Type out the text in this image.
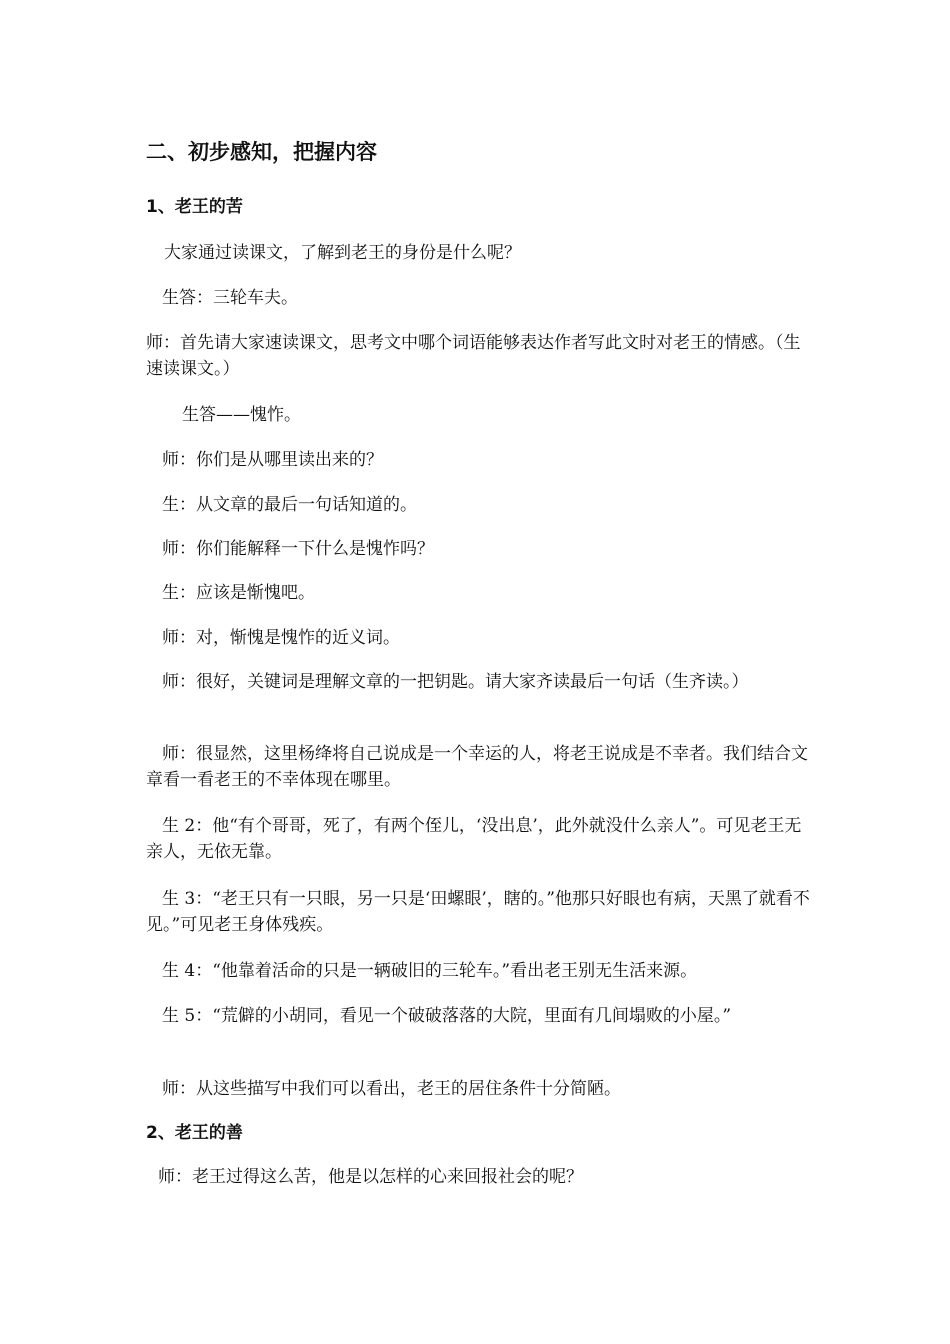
二、初步感知，把握内容
1、老王的苦
大家通过读课文，了解到老王的身份是什么呢？
生答：三轮车夫。
师：首先请大家速读课文，思考文中哪个词语能够表达作者写此文时对老王的情感。（生速读课文。）
生答——愧怍。
师：你们是从哪里读出来的？
生：从文章的最后一句话知道的。
师：你们能解释一下什么是愧怍吗？
生：应该是惭愧吧。
师：对，惭愧是愧怍的近义词。
师：很好，关键词是理解文章的一把钥匙。请大家齐读最后一句话（生齐读。）
师：很显然，这里杨绛将自己说成是一个幸运的人，将老王说成是不幸者。我们结合文章看一看老王的不幸体现在哪里。
生 2：他“有个哥哥，死了，有两个侄儿，‘没出息’，此外就没什么亲人”。可见老王无亲人，无依无靠。
生 3：“老王只有一只眼，另一只是‘田螺眼’，瞎的。”他那只好眼也有病，天黑了就看不见。”可见老王身体残疾。
生 4：“他靠着活命的只是一辆破旧的三轮车。”看出老王别无生活来源。
生 5：“荒僻的小胡同，看见一个破破落落的大院，里面有几间塌败的小屋。”
师：从这些描写中我们可以看出，老王的居住条件十分简陋。
2、老王的善
师：老王过得这么苦，他是以怎样的心来回报社会的呢？
